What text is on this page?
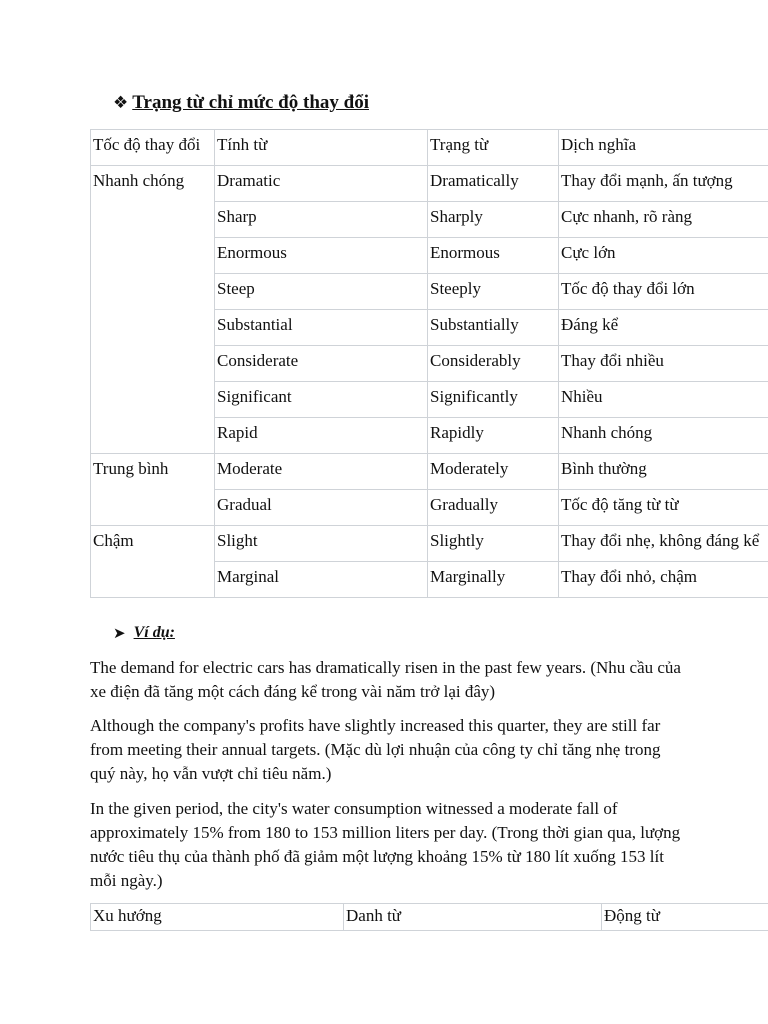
❖ Trạng từ chỉ mức độ thay đổi
Tốc độ thay đổi	Tính từ	Trạng từ	Dịch nghĩa
Nhanh chóng	Dramatic	Dramatically	Thay đổi mạnh, ấn tượng
	Sharp	Sharply	Cực nhanh, rõ ràng
	Enormous	Enormous	Cực lớn
	Steep	Steeply	Tốc độ thay đổi lớn
	Substantial	Substantially	Đáng kể
	Considerate	Considerably	Thay đổi nhiều
	Significant	Significantly	Nhiều
	Rapid	Rapidly	Nhanh chóng
Trung bình	Moderate	Moderately	Bình thường
	Gradual	Gradually	Tốc độ tăng từ từ
Chậm	Slight	Slightly	Thay đổi nhẹ, không đáng kể
	Marginal	Marginally	Thay đổi nhỏ, chậm
➤ Ví dụ:

The demand for electric cars has dramatically risen in the past few years. (Nhu cầu của xe điện đã tăng một cách đáng kể trong vài năm trở lại đây)

Although the company's profits have slightly increased this quarter, they are still far from meeting their annual targets. (Mặc dù lợi nhuận của công ty chỉ tăng nhẹ trong quý này, họ vẫn vượt chỉ tiêu năm.)

In the given period, the city's water consumption witnessed a moderate fall of approximately 15% from 180 to 153 million liters per day. (Trong thời gian qua, lượng nước tiêu thụ của thành phố đã giảm một lượng khoảng 15% từ 180 lít xuống 153 lít mỗi ngày.)

Xu hướng	Danh từ	Động từ
